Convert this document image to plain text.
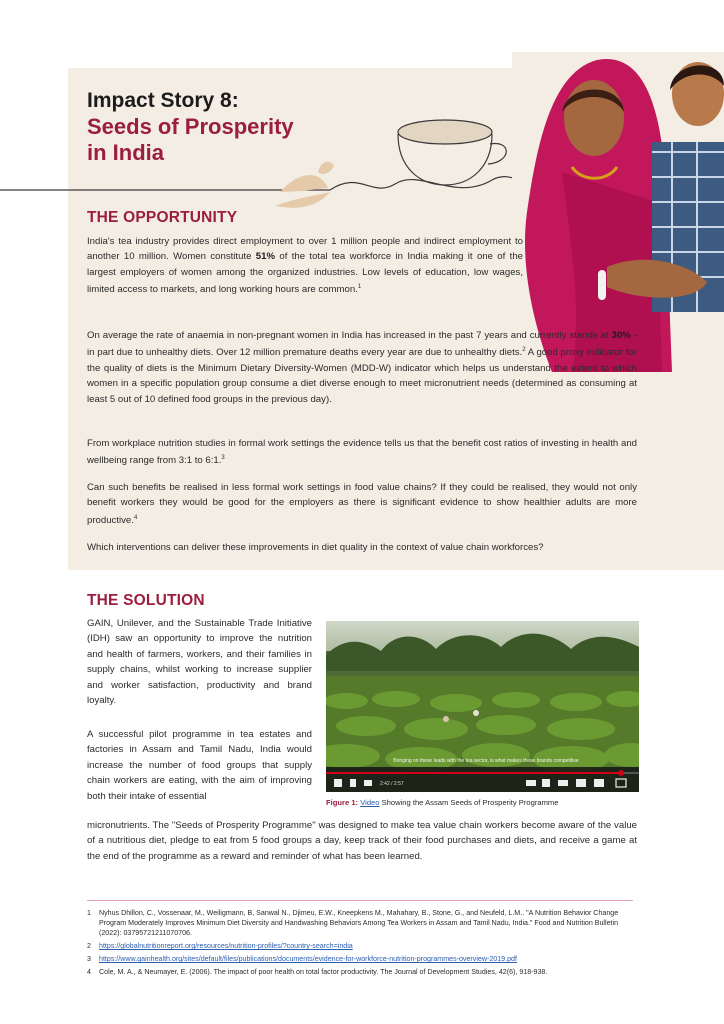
Impact Story 8:
Seeds of Prosperity
in India
THE OPPORTUNITY
India's tea industry provides direct employment to over 1 million people and indirect employment to another 10 million. Women constitute 51% of the total tea workforce in India making it one of the largest employers of women among the organized industries. Low levels of education, low wages, limited access to markets, and long working hours are common.$^1$
On average the rate of anaemia in non-pregnant women in India has increased in the past 7 years and currently stands at 30% - in part due to unhealthy diets. Over 12 million premature deaths every year are due to unhealthy diets.$^2$ A good proxy indicator for the quality of diets is the Minimum Dietary Diversity-Women (MDD-W) indicator which helps us understand the extent to which women in a specific population group consume a diet diverse enough to meet micronutrient needs (determined as consuming at least 5 out of 10 defined food groups in the previous day).
From workplace nutrition studies in formal work settings the evidence tells us that the benefit cost ratios of investing in health and wellbeing range from 3:1 to 6:1.$^3$
Can such benefits be realised in less formal work settings in food value chains? If they could be realised, they would not only benefit workers they would be good for the employers as there is significant evidence to show healthier adults are more productive.$^4$
Which interventions can deliver these improvements in diet quality in the context of value chain workforces?
THE SOLUTION
GAIN, Unilever, and the Sustainable Trade Initiative (IDH) saw an opportunity to improve the nutrition and health of farmers, workers, and their families in supply chains, whilst working to increase supplier and worker satisfaction, productivity and brand loyalty.
A successful pilot programme in tea estates and factories in Assam and Tamil Nadu, India would increase the number of food groups that supply chain workers are eating, with the aim of improving both their intake of essential
micronutrients. The "Seeds of Prosperity Programme" was designed to make tea value chain workers become aware of the value of a nutritious diet, pledge to eat from 5 food groups a day, keep track of their food purchases and diets, and receive a game at the end of the programme as a reward and reminder of what has been learned.
Bringing on these leads with the tea sector, is what makes these brands competitive
2:42 / 2:57
Figure 1: Video Showing the Assam Seeds of Prosperity Programme
1	Nyhus Dhillon, C., Vossenaar, M., Weiligmann, B, Sanwal N., Djimeu, E.W., Kneepkens M., Mahahary, B., Stone, G., and Neufeld, L.M.. "A Nutrition Behavior Change Program Moderately Improves Minimum Diet Diversity and Handwashing Behaviors Among Tea Workers in Assam and Tamil Nadu, India." Food and Nutrition Bulletin (2022): 03795721211070706.
2	https://globalnutritionreport.org/resources/nutrition-profiles/?country-search=india
3	https://www.gainhealth.org/sites/default/files/publications/documents/evidence-for-workforce-nutrition-programmes-overview-2019.pdf
4	Cole, M. A., & Neumayer, E. (2006). The impact of poor health on total factor productivity. The Journal of Development Studies, 42(6), 918-938.
